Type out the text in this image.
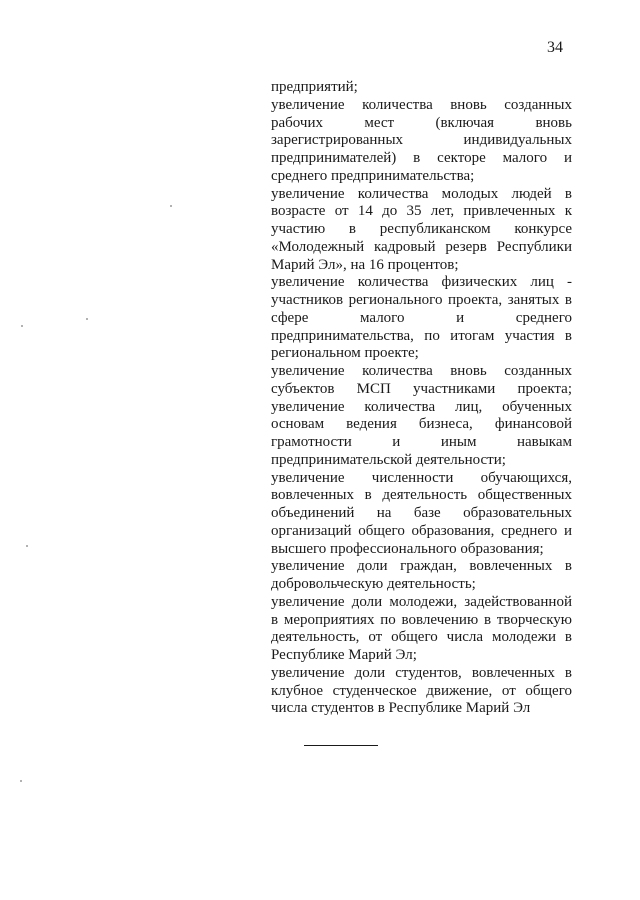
34
предприятий;
увеличение количества вновь созданных рабочих мест (включая вновь зарегистрированных индивидуальных предпринимателей) в секторе малого и среднего предпринимательства;
увеличение количества молодых людей в возрасте от 14 до 35 лет, привлеченных к участию в республиканском конкурсе «Молодежный кадровый резерв Республики Марий Эл», на 16 процентов;
увеличение количества физических лиц - участников регионального проекта, занятых в сфере малого и среднего предпринимательства, по итогам участия в региональном проекте;
увеличение количества вновь созданных субъектов МСП участниками проекта;
увеличение количества лиц, обученных основам ведения бизнеса, финансовой грамотности и иным навыкам предпринимательской деятельности;
увеличение численности обучающихся, вовлеченных в деятельность общественных объединений на базе образовательных организаций общего образования, среднего и высшего профессионального образования;
увеличение доли граждан, вовлеченных в добровольческую деятельность;
увеличение доли молодежи, задействованной в мероприятиях по вовлечению в творческую деятельность, от общего числа молодежи в Республике Марий Эл;
увеличение доли студентов, вовлеченных в клубное студенческое движение, от общего числа студентов в Республике Марий Эл
